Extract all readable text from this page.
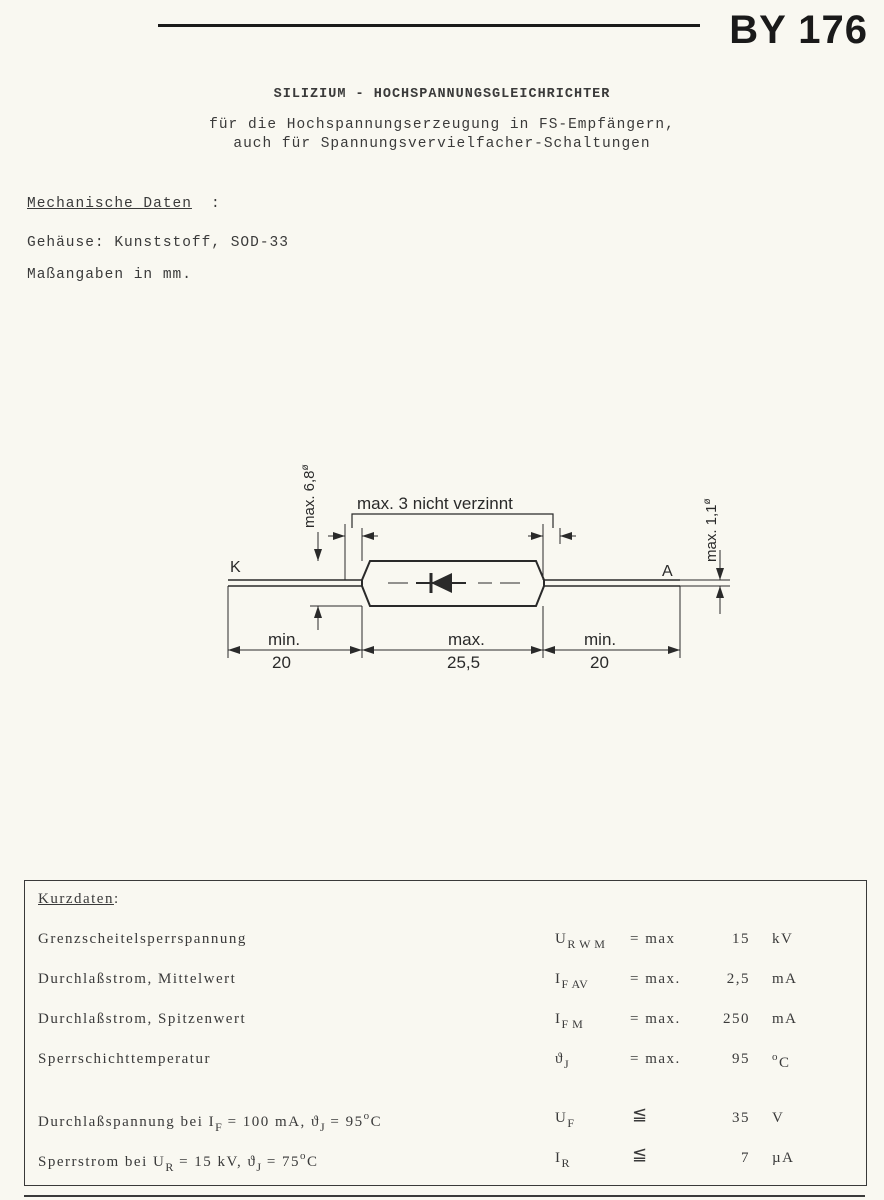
BY 176
SILIZIUM - HOCHSPANNUNGSGLEICHRICHTER
für die Hochspannungserzeugung in FS-Empfängern,
auch für Spannungsvervielfacher-Schaltungen
Mechanische Daten :
Gehäuse: Kunststoff, SOD-33
Maßangaben in mm.
K	A
max. 3 nicht verzinnt
max. $6,8^ø$
max. $1,1^ø$
min.
20
max.
25,5
min.
20
Kurzdaten:
Grenzscheitelsperrspannung	$U_{R W M} = \max$	15 kV
Durchlaßstrom, Mittelwert	$I_{F AV}$	= max.	2,5 mA
Durchlaßstrom, Spitzenwert	$I_{F M}$	= max.	250 mA
Sperrschichttemperatur	$ϑ_J$	= max.	95 $^o$C
Durchlaßspannung bei $I_F = 100$ mA, $ϑ_J = 95^oC$	$U_F$	≦	35 V
Sperrstrom bei $U_R = 15$ kV, $ϑ_J = 75^oC$	$I_R$	≦	7 µA
